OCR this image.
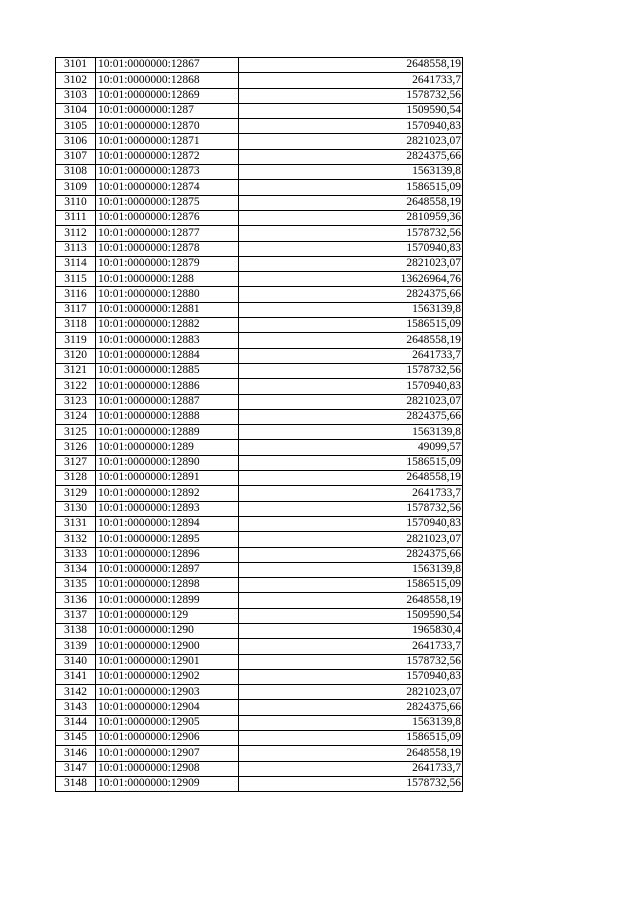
3101	10:01:0000000:12867	2648558,19
3102	10:01:0000000:12868	2641733,7
3103	10:01:0000000:12869	1578732,56
3104	10:01:0000000:1287	1509590,54
3105	10:01:0000000:12870	1570940,83
3106	10:01:0000000:12871	2821023,07
3107	10:01:0000000:12872	2824375,66
3108	10:01:0000000:12873	1563139,8
3109	10:01:0000000:12874	1586515,09
3110	10:01:0000000:12875	2648558,19
3111	10:01:0000000:12876	2810959,36
3112	10:01:0000000:12877	1578732,56
3113	10:01:0000000:12878	1570940,83
3114	10:01:0000000:12879	2821023,07
3115	10:01:0000000:1288	13626964,76
3116	10:01:0000000:12880	2824375,66
3117	10:01:0000000:12881	1563139,8
3118	10:01:0000000:12882	1586515,09
3119	10:01:0000000:12883	2648558,19
3120	10:01:0000000:12884	2641733,7
3121	10:01:0000000:12885	1578732,56
3122	10:01:0000000:12886	1570940,83
3123	10:01:0000000:12887	2821023,07
3124	10:01:0000000:12888	2824375,66
3125	10:01:0000000:12889	1563139,8
3126	10:01:0000000:1289	49099,57
3127	10:01:0000000:12890	1586515,09
3128	10:01:0000000:12891	2648558,19
3129	10:01:0000000:12892	2641733,7
3130	10:01:0000000:12893	1578732,56
3131	10:01:0000000:12894	1570940,83
3132	10:01:0000000:12895	2821023,07
3133	10:01:0000000:12896	2824375,66
3134	10:01:0000000:12897	1563139,8
3135	10:01:0000000:12898	1586515,09
3136	10:01:0000000:12899	2648558,19
3137	10:01:0000000:129	1509590,54
3138	10:01:0000000:1290	1965830,4
3139	10:01:0000000:12900	2641733,7
3140	10:01:0000000:12901	1578732,56
3141	10:01:0000000:12902	1570940,83
3142	10:01:0000000:12903	2821023,07
3143	10:01:0000000:12904	2824375,66
3144	10:01:0000000:12905	1563139,8
3145	10:01:0000000:12906	1586515,09
3146	10:01:0000000:12907	2648558,19
3147	10:01:0000000:12908	2641733,7
3148	10:01:0000000:12909	1578732,56
